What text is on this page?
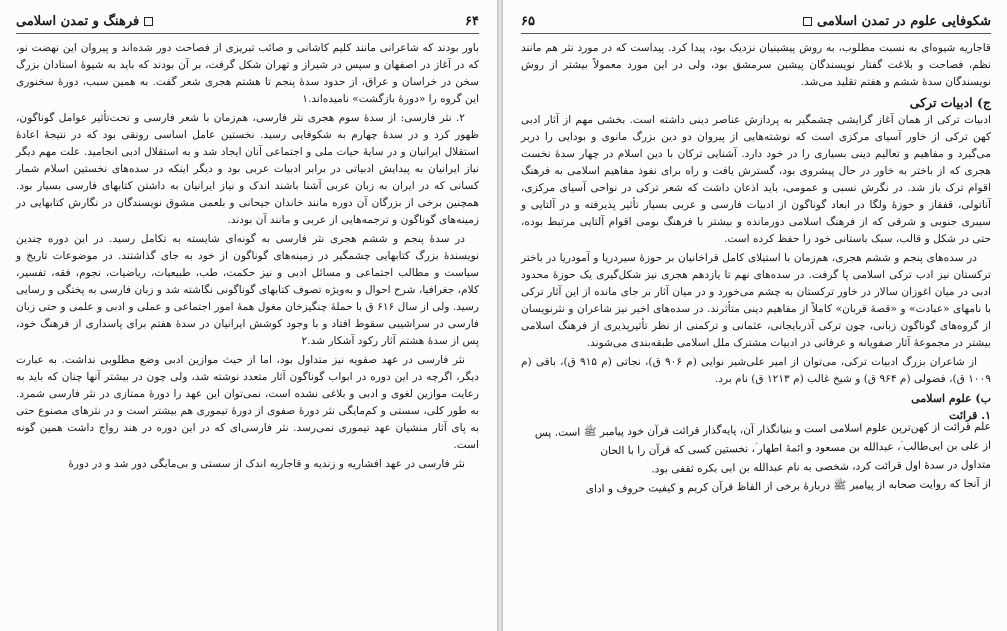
۶۴
فرهنگ و تمدن اسلامی

باور بودند که شاعرانی مانند کلیم کاشانی و صائب تبریزی از فصاحت دور شده‌اند و پیروان این نهضت نو، که در آغاز در اصفهان و سپس در شیراز و تهران شکل گرفت، بر آن بودند که باید به شیوهٔ استادان بزرگ سخن در خراسان و عراق، از حدود سدهٔ پنجم تا هشتم هجری شعر گفت. به همین سبب، دورهٔ سخنوری این گروه را «دورهٔ بازگشت» نامیده‌اند.۱

۲. نثر فارسی: از سدهٔ سوم هجری نثر فارسی، هم‌زمان با شعر فارسی و تحت‌تأثیر عوامل گوناگون، ظهور کرد و در سدهٔ چهارم به شکوفایی رسید. نخستین عامل اساسی رونقی بود که در نتیجهٔ اعادهٔ استقلال ایرانیان و در سایهٔ حیات ملی و اجتماعی آنان ایجاد شد و به استقلال ادبی انجامید. علت مهم دیگر نیاز ایرانیان به پیدایش ادبیاتی در برابر ادبیات عربی بود و دیگر اینکه در سده‌های نخستین اسلام شمار کسانی که در ایران به زبان عربی آشنا باشند اندک و نیاز ایرانیان به داشتن کتابهای فارسی بسیار بود. همچنین برخی از بزرگان آن دوره مانند خاندان جیحانی و بلعمی مشوق نویسندگان در نگارش کتابهایی در زمینه‌های گوناگون و ترجمه‌هایی از عربی و مانند آن بودند.

در سدهٔ پنجم و ششم هجری نثر فارسی به گونه‌ای شایسته به تکامل رسید. در این دوره چندین نویسندهٔ بزرگ کتابهایی چشمگیر در زمینه‌های گوناگون از خود به جای گذاشتند. در موضوعات تاریخ و سیاست و مطالب اجتماعی و مسائل ادبی و نیز حکمت، طب، طبیعیات، ریاضیات، نجوم، فقه، تفسیر، کلام، جغرافیا، شرح احوال و به‌ویژه تصوف کتابهای گوناگونی نگاشته شد و زبان فارسی به پختگی و رسایی رسید. ولی از سال ۶۱۶ ق با حملهٔ چنگیزخان مغول همهٔ امور اجتماعی و عملی و ادبی و علمی و حتی زبان فارسی در سراشیبی سقوط افتاد و با وجود کوشش ایرانیان در سدهٔ هفتم برای پاسداری از فرهنگ خود، پس از سدهٔ هشتم آثار رکود آشکار شد.۲

نثر فارسی در عهد صفویه نیز متداول بود، اما از حیث موازین ادبی وضع مطلوبی نداشت. به عبارت دیگر، اگرچه در این دوره در ابواب گوناگون آثار متعدد نوشته شد، ولی چون در بیشتر آنها چنان که باید به رعایت موازین لغوی و ادبی و بلاغی نشده است، نمی‌توان این عهد را دورهٔ ممتازی در نثر فارسی شمرد. به طور کلی، سستی و کم‌مایگی نثر دورهٔ صفوی از دورهٔ تیموری هم بیشتر است و در نثرهای مصنوع حتی به پای آثار منشیان عهد تیموری نمی‌رسد. نثر فارسی‌ای که در این دوره در هند رواج داشت همین گونه است.

نثر فارسی در عهد افشاریه و زندیه و قاجاریه اندک از سستی و بی‌مایگی دور شد و در دورهٔ

شکوفایی علوم در تمدن اسلامی
۶۵

قاجاریه شیوه‌ای به نسبت مطلوب، به روش پیشینیان نزدیک بود، پیدا کرد. پیداست که در مورد نثر هم مانند نظم، فصاحت و بلاغت گفتار نویسندگان پیشین سرمشق بود، ولی در این مورد معمولاً بیشتر از روش نویسندگان سدهٔ ششم و هفتم تقلید می‌شد.

ج) ادبیات ترکی

ادبیات ترکی از همان آغاز گرایشی چشمگیر به پردازش عناصر دینی داشته است. بخشی مهم از آثار ادبی کهن ترکی از خاور آسیای مرکزی است که نوشته‌هایی از پیروان دو دین بزرگ مانوی و بودایی را دربر می‌گیرد و مفاهیم و تعالیم دینی بسیاری را در خود دارد. آشنایی ترکان با دین اسلام در چهار سدهٔ نخست هجری که از باختر به خاور در حال پیشروی بود، گسترش یافت و راه برای نفوذ مفاهیم اسلامی به فرهنگ اقوام ترک باز شد. در نگرش نسبی و عمومی، باید اذعان داشت که شعر ترکی در نواحی آسیای مرکزی، آناتولی، قفقاز و حوزهٔ ولگا در ابعاد گوناگون از ادبیات فارسی و عربی بسیار تأثیر پذیرفته و در آلتایی و سیبری جنوبی و شرقی که از فرهنگ اسلامی دورمانده و بیشتر با فرهنگ بومی اقوام آلتایی مرتبط بوده، حتی در شکل و قالب، سبک باستانی خود را حفظ کرده است.

در سده‌های پنجم و ششم هجری، هم‌زمان با استیلای کامل قراخانیان بر حوزهٔ سیردریا و آمودریا در باختر ترکستان نیز ادب ترکی اسلامی پا گرفت. در سده‌های نهم تا یازدهم هجری نیز شکل‌گیری یک حوزهٔ محدود ادبی در میان اغوزان سالار در خاور ترکستان به چشم می‌خورد و در میان آثار بر جای مانده از این آثار ترکی با نامهای «عبادت» و «قصهٔ قربان» کاملاً از مفاهیم دینی متأثرند. در سده‌های اخیر نیز شاعران و نثرنویسان از گروه‌های گوناگون زبانی، چون ترکی آذربایجانی، عثمانی و ترکمنی از نظر تأثیرپذیری از فرهنگ اسلامی بیشتر در مجموعهٔ آثار صفویانه و عرفانی در ادبیات مشترک ملل اسلامی طبقه‌بندی می‌شوند.

از شاعران بزرگ ادبیات ترکی، می‌توان از امیر علی‌شیر نوایی (م ۹۰۶ ق)، نجاتی (م ۹۱۵ ق)، باقی (م ۱۰۰۹ ق)، فضولی (م ۹۶۴ ق) و شیخ غالب (م ۱۲۱۳ ق) نام برد.

ب) علوم اسلامی
۱. قرائت

علم قرائت از کهن‌ترین علوم اسلامی است و بنیانگذار آن، پایه‌گذار قرائت قرآن خود پیامبر ﷺ است. پس

از علی بن ابی‌طالب ؑ، عبدالله بن مسعود و ائمهٔ اطهار ؑ، نخستین کسی که قرآن را با الحان

متداول در سدهٔ اول قرائت کرد، شخصی به نام عبدالله بن ابی بکره ثقفی بود.

از آنجا که روایت صحابه از پیامبر ﷺ دربارهٔ برخی از الفاظ قرآن کریم و کیفیت حروف و ادای
